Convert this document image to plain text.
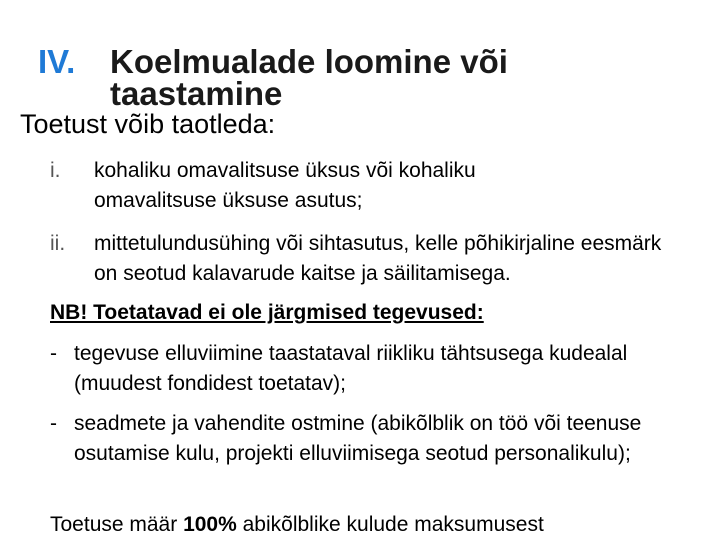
IV. Koelmualade loomine või
taastamine
Toetust võib taotleda:
i. kohaliku omavalitsuse üksus või kohaliku omavalitsuse üksuse asutus;
ii. mittetulundusühing või sihtasutus, kelle põhikirjaline eesmärk on seotud kalavarude kaitse ja säilitamisega.
NB! Toetatavad ei ole järgmised tegevused:
- tegevuse elluviimine taastataval riikliku tähtsusega kudealal (muudest fondidest toetatav);
- seadmete ja vahendite ostmine (abikõlblik on töö või teenuse osutamise kulu, projekti elluviimisega seotud personalikulu);
Toetuse määr 100% abikõlblike kulude maksumusest
